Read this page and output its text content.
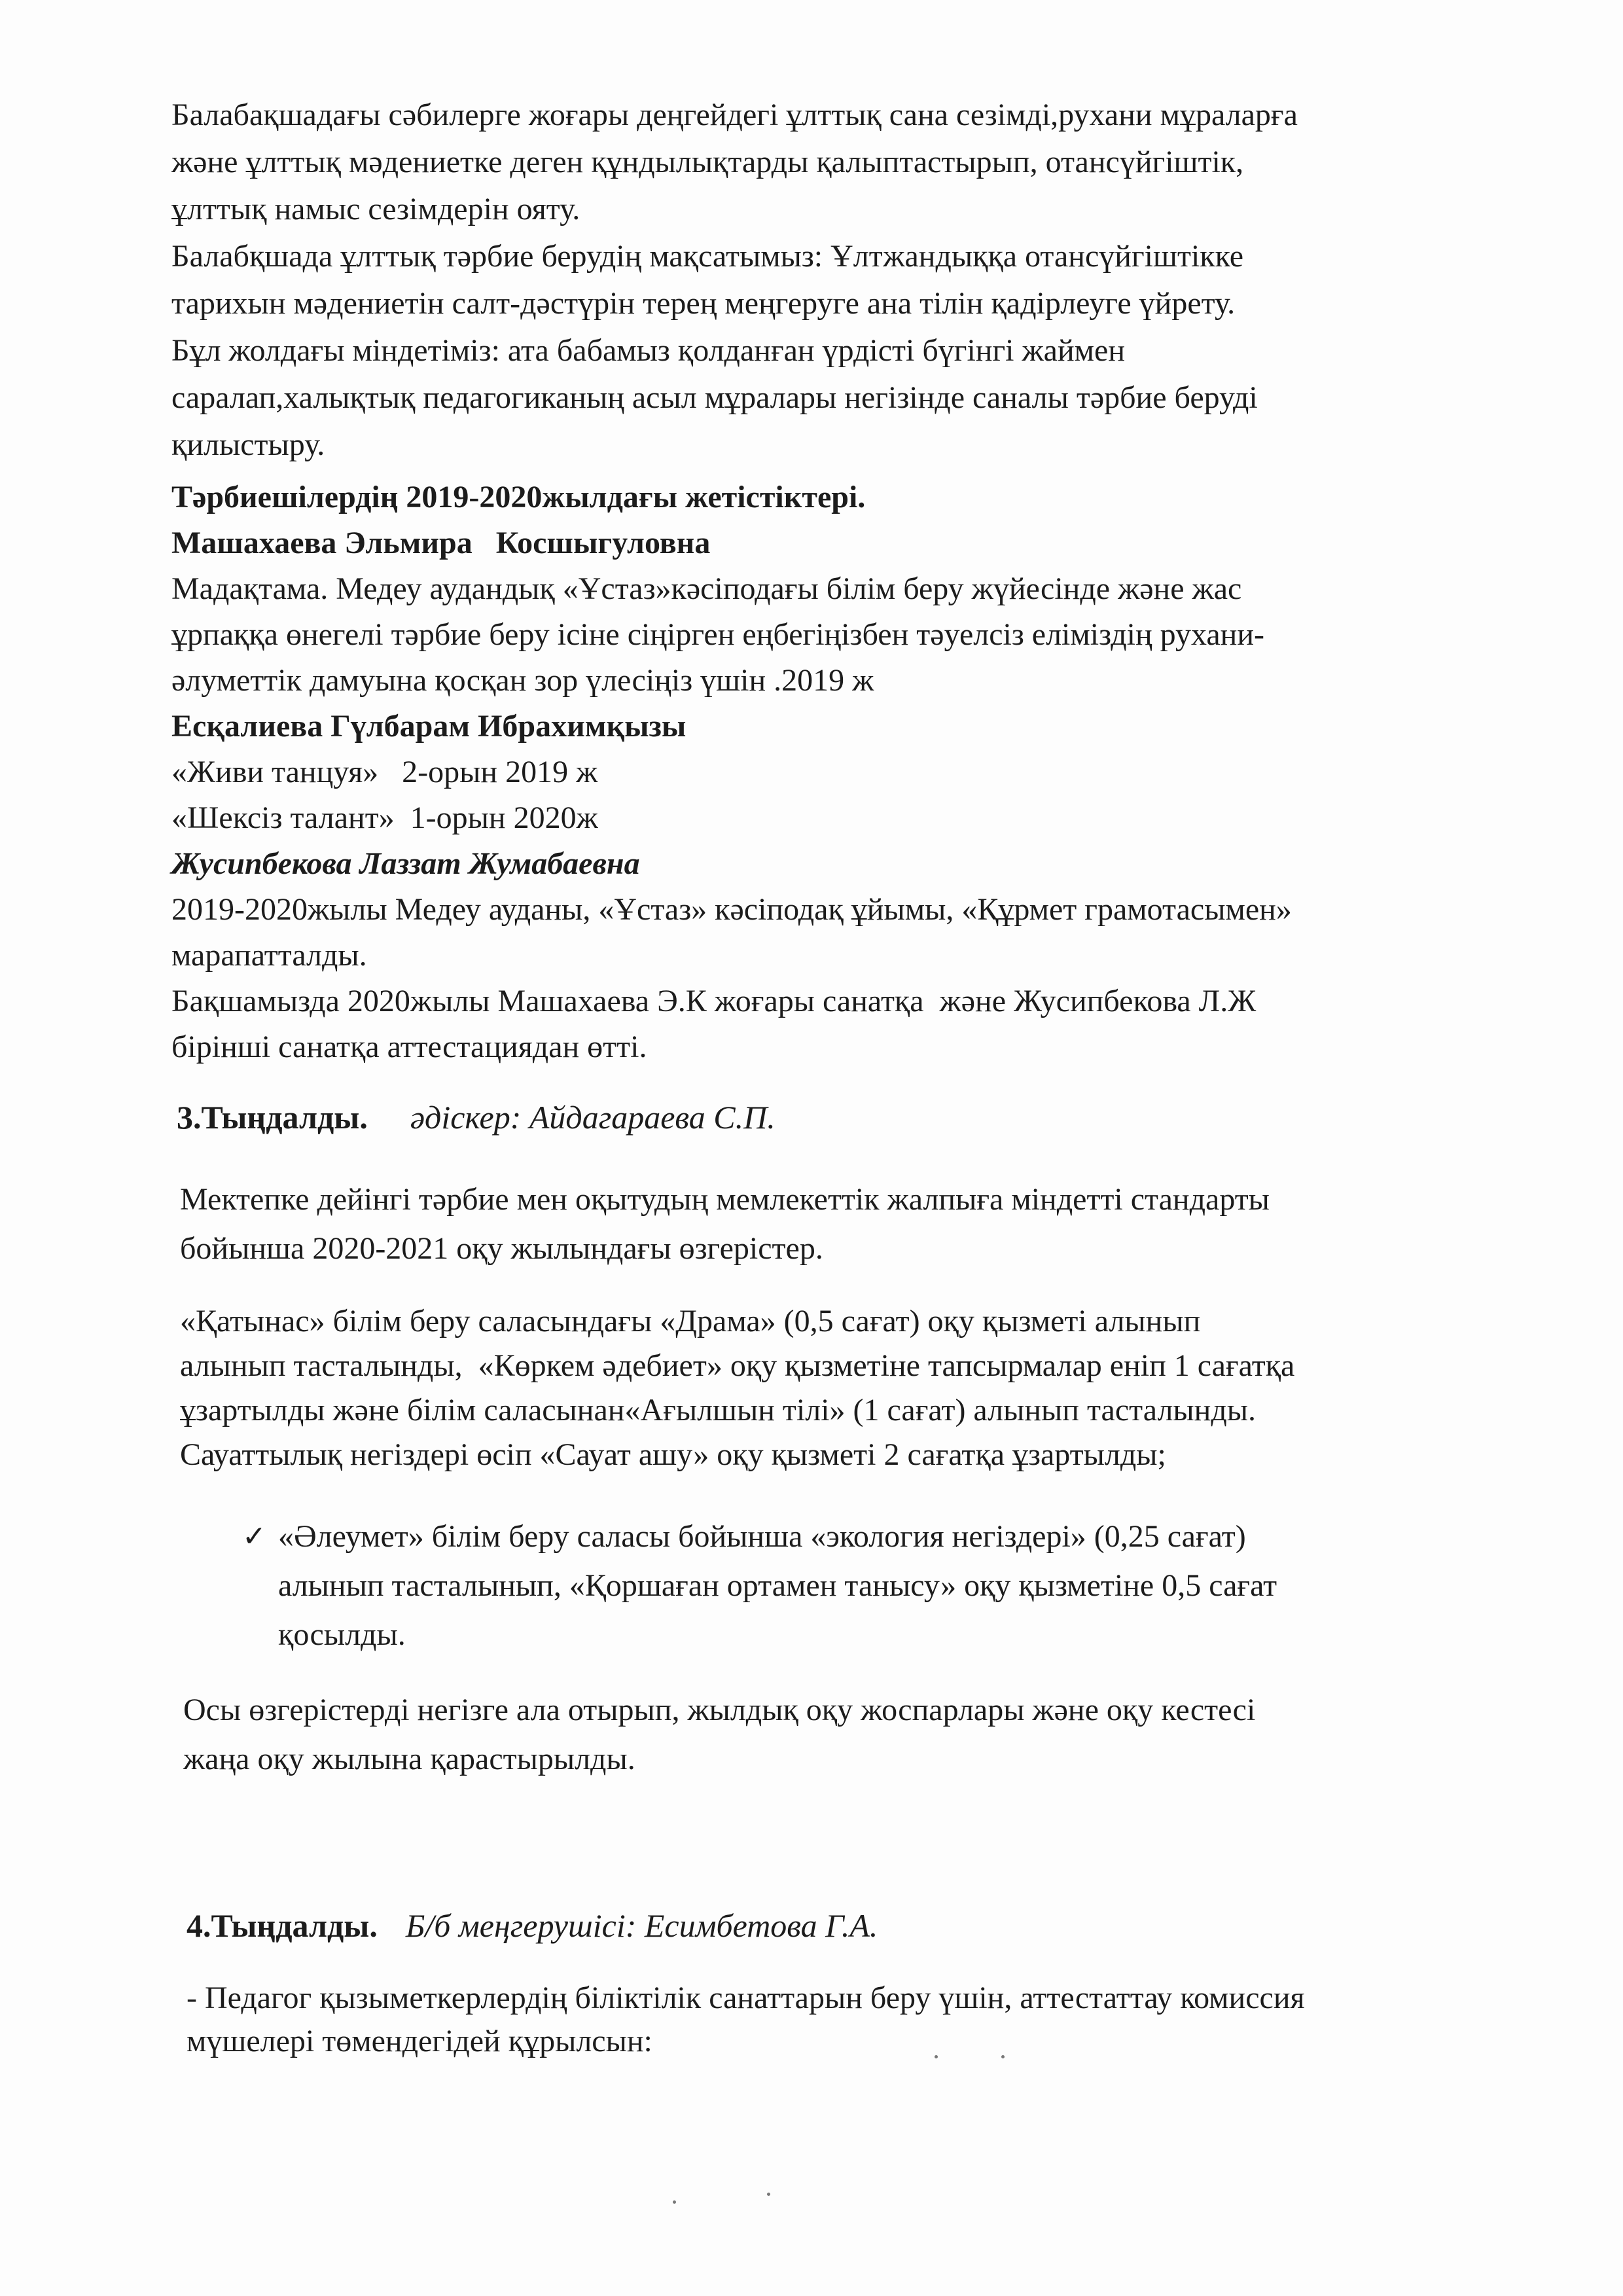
Балабақшадағы сәбилерге жоғары деңгейдегі ұлттық сана сезімді,рухани мұраларға
және ұлттық мәдениетке деген құндылықтарды қалыптастырып, отансүйгіштік,
ұлттық намыс сезімдерін ояту.
Балабқшада ұлттық тәрбие берудің мақсатымыз: Ұлтжандыққа отансүйгіштікке
тарихын мәдениетін салт-дәстүрін терең меңгеруге ана тілін қадірлеуге үйрету.
Бұл жолдағы міндетіміз: ата бабамыз қолданған үрдісті бүгінгі жаймен
саралап,халықтық педагогиканың асыл мұралары негізінде саналы тәрбие беруді
қилыстыру.
Тәрбиешілердің 2019-2020жылдағы жетістіктері.
Машахаева Эльмира   Косшыгуловна
Мадақтама. Медеу аудандық «Ұстаз»кәсіподағы білім беру жүйесінде және жас
ұрпаққа өнегелі тәрбие беру ісіне сіңірген еңбегіңізбен тәуелсіз еліміздің рухани-
әлуметтік дамуына қосқан зор үлесіңіз үшін .2019 ж
Есқалиева Гүлбарам Ибрахимқызы
«Живи танцуя»   2-орын 2019 ж
«Шексіз талант»  1-орын 2020ж
Жусипбекова Лаззат Жумабаевна
2019-2020жылы Медеу ауданы, «Ұстаз» кәсіподақ ұйымы, «Құрмет грамотасымен»
марапатталды.
Бақшамызда 2020жылы Машахаева Э.К жоғары санатқа  және Жусипбекова Л.Ж
бірінші санатқа аттестациядан өтті.
3.Тыңдалды. әдіскер: Айдагараева С.П.
Мектепке дейінгі тәрбие мен оқытудың мемлекеттік жалпыға міндетті стандарты
бойынша 2020-2021 оқу жылындағы өзгерістер.
«Қатынас» білім беру саласындағы «Драма» (0,5 сағат) оқу қызметі алынып
алынып тасталынды,  «Көркем әдебиет» оқу қызметіне тапсырмалар еніп 1 сағатқа
ұзартылды және білім саласынан«Ағылшын тілі» (1 сағат) алынып тасталынды.
Сауаттылық негіздері өсіп «Сауат ашу» оқу қызметі 2 сағатқа ұзартылды;
✓ «Әлеумет» білім беру саласы бойынша «экология негіздері» (0,25 сағат)
алынып тасталынып, «Қоршаған ортамен танысу» оқу қызметіне 0,5 сағат
қосылды.
Осы өзгерістерді негізге ала отырып, жылдық оқу жоспарлары және оқу кестесі
жаңа оқу жылына қарастырылды.
4.Тыңдалды. Б/б меңгерушісі: Есимбетова Г.А.
- Педагог қызыметкерлердің біліктілік санаттарын беру үшін, аттестаттау комиссия
мүшелері төмендегідей құрылсын:
